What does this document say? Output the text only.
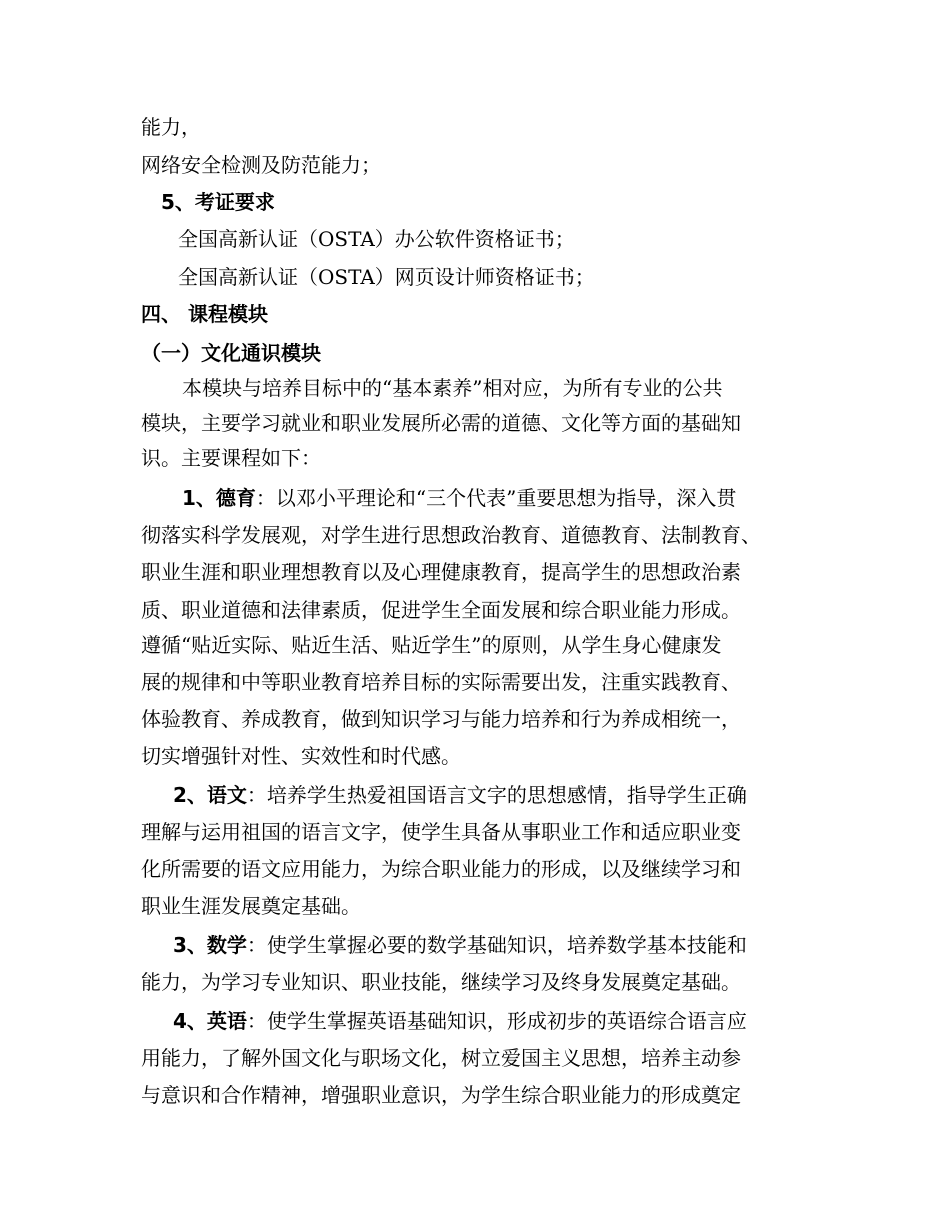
能力，
网络安全检测及防范能力；
5、考证要求
全国高新认证（OSTA）办公软件资格证书；
全国高新认证（OSTA）网页设计师资格证书；
四、 课程模块
（一）文化通识模块
本模块与培养目标中的“基本素养”相对应，为所有专业的公共
模块，主要学习就业和职业发展所必需的道德、文化等方面的基础知
识。主要课程如下：
1、德育：以邓小平理论和“三个代表”重要思想为指导，深入贯
彻落实科学发展观，对学生进行思想政治教育、道德教育、法制教育、
职业生涯和职业理想教育以及心理健康教育，提高学生的思想政治素
质、职业道德和法律素质，促进学生全面发展和综合职业能力形成。
遵循“贴近实际、贴近生活、贴近学生”的原则，从学生身心健康发
展的规律和中等职业教育培养目标的实际需要出发，注重实践教育、
体验教育、养成教育，做到知识学习与能力培养和行为养成相统一，
切实增强针对性、实效性和时代感。
2、语文：培养学生热爱祖国语言文字的思想感情，指导学生正确
理解与运用祖国的语言文字，使学生具备从事职业工作和适应职业变
化所需要的语文应用能力，为综合职业能力的形成，以及继续学习和
职业生涯发展奠定基础。
3、数学：使学生掌握必要的数学基础知识，培养数学基本技能和
能力，为学习专业知识、职业技能，继续学习及终身发展奠定基础。
4、英语：使学生掌握英语基础知识，形成初步的英语综合语言应
用能力，了解外国文化与职场文化，树立爱国主义思想，培养主动参
与意识和合作精神，增强职业意识，为学生综合职业能力的形成奠定
